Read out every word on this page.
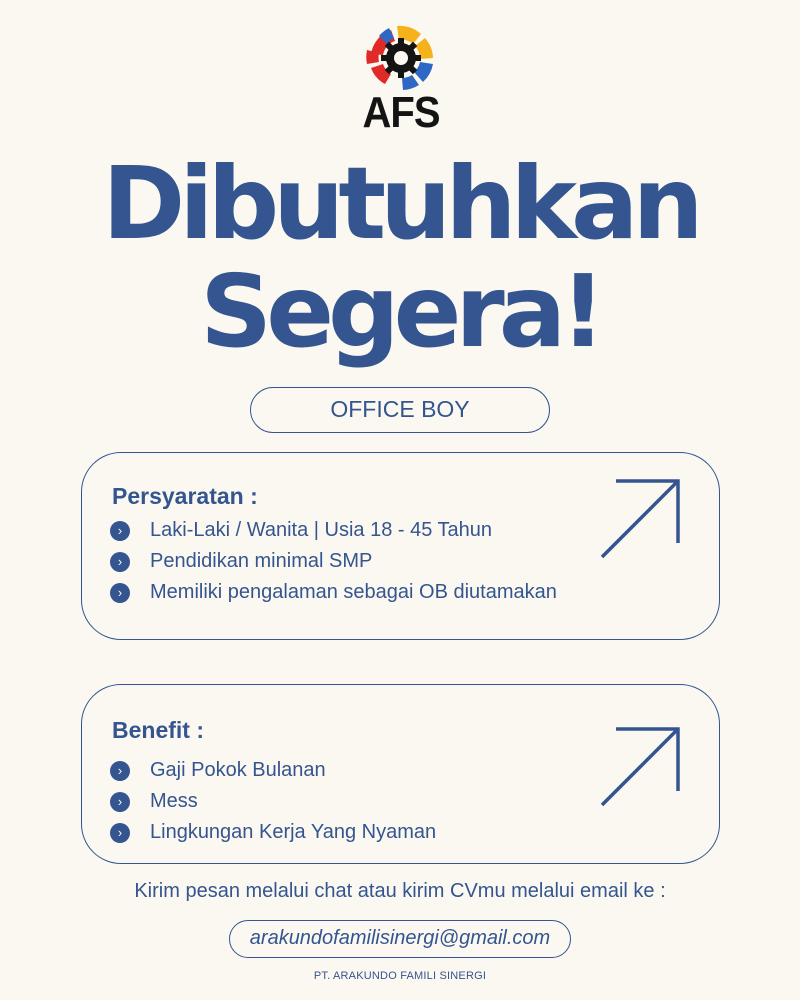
AFS
Dibutuhkan
Segera!
OFFICE BOY
Persyaratan :
›	Laki-Laki / Wanita | Usia 18 - 45 Tahun
›	Pendidikan minimal SMP
›	Memiliki pengalaman sebagai OB diutamakan
Benefit :
›	Gaji Pokok Bulanan
›	Mess
›	Lingkungan Kerja Yang Nyaman
Kirim pesan melalui chat atau kirim CVmu melalui email ke :
arakundofamilisinergi@gmail.com
PT. ARAKUNDO FAMILI SINERGI
